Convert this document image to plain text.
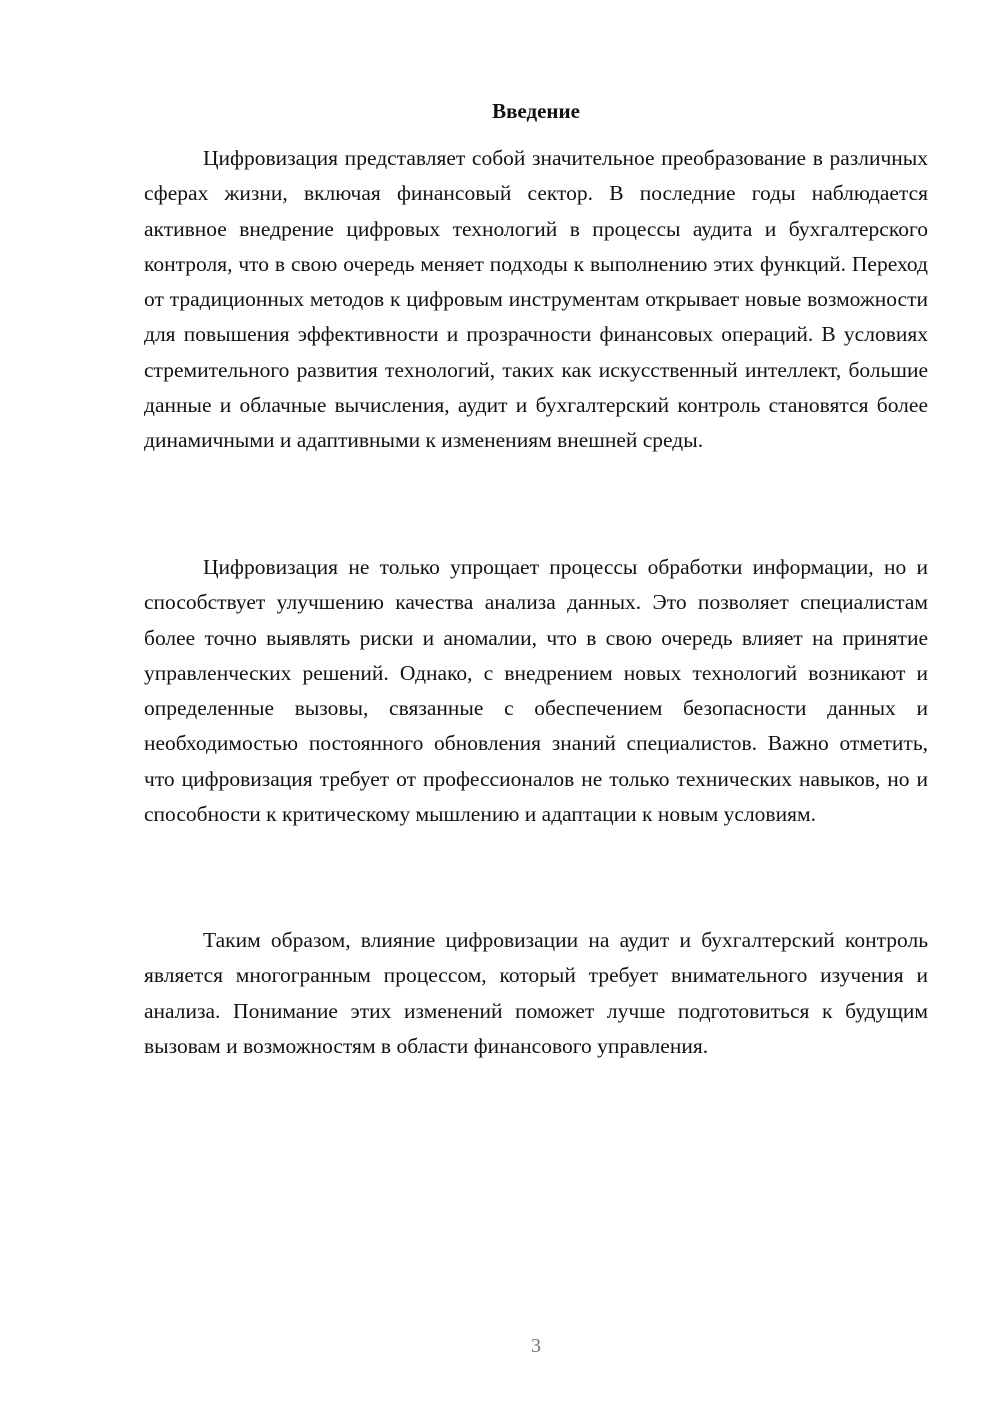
Введение

Цифровизация представляет собой значительное преобразование в различных сферах жизни, включая финансовый сектор. В последние годы наблюдается активное внедрение цифровых технологий в процессы аудита и бухгалтерского контроля, что в свою очередь меняет подходы к выполнению этих функций. Переход от традиционных методов к цифровым инструментам открывает новые возможности для повышения эффективности и прозрачности финансовых операций. В условиях стремительного развития технологий, таких как искусственный интеллект, большие данные и облачные вычисления, аудит и бухгалтерский контроль становятся более динамичными и адаптивными к изменениям внешней среды.

Цифровизация не только упрощает процессы обработки информации, но и способствует улучшению качества анализа данных. Это позволяет специалистам более точно выявлять риски и аномалии, что в свою очередь влияет на принятие управленческих решений. Однако, с внедрением новых технологий возникают и определенные вызовы, связанные с обеспечением безопасности данных и необходимостью постоянного обновления знаний специалистов. Важно отметить, что цифровизация требует от профессионалов не только технических навыков, но и способности к критическому мышлению и адаптации к новым условиям.

Таким образом, влияние цифровизации на аудит и бухгалтерский контроль является многогранным процессом, который требует внимательного изучения и анализа. Понимание этих изменений поможет лучше подготовиться к будущим вызовам и возможностям в области финансового управления.

3
